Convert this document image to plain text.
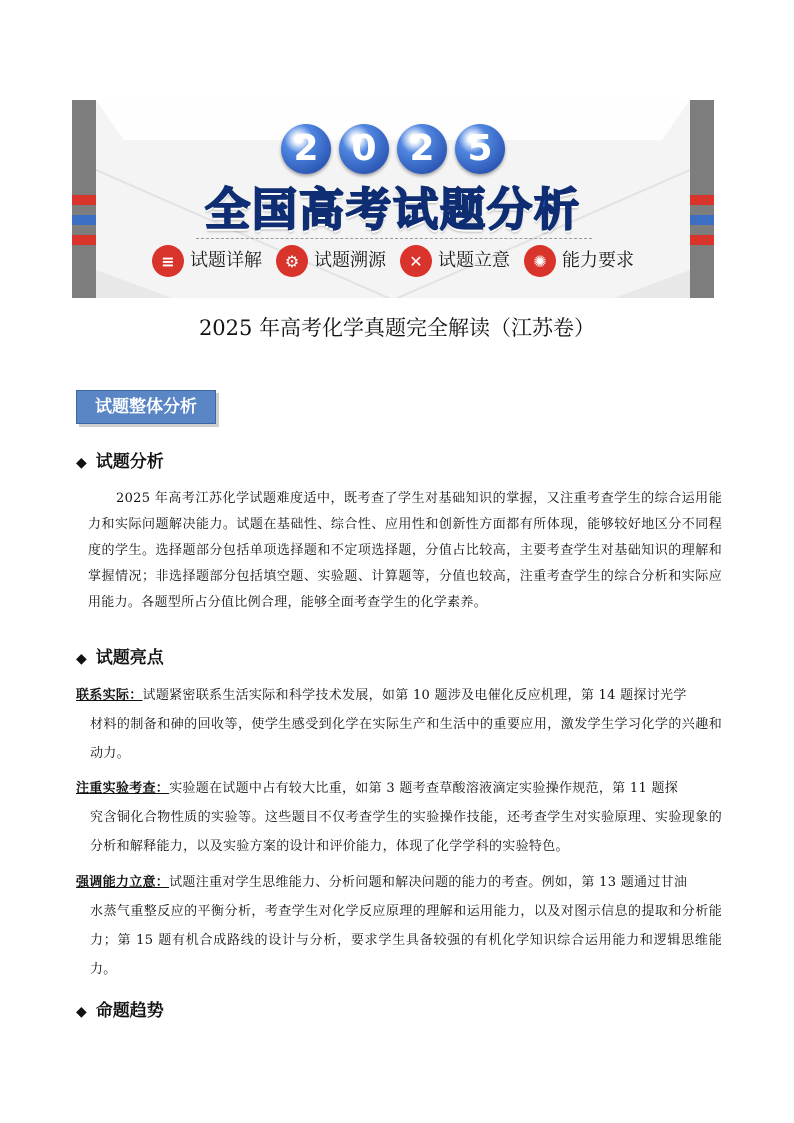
2 0 2 5
全国高考试题分析
≡ 试题详解	⚙ 试题溯源	✕ 试题立意	✺ 能力要求
2025 年高考化学真题完全解读（江苏卷）
试题整体分析
◆ 试题分析
2025 年高考江苏化学试题难度适中，既考查了学生对基础知识的掌握，又注重考查学生的综合运用能力和实际问题解决能力。试题在基础性、综合性、应用性和创新性方面都有所体现，能够较好地区分不同程度的学生。选择题部分包括单项选择题和不定项选择题，分值占比较高，主要考查学生对基础知识的理解和掌握情况；非选择题部分包括填空题、实验题、计算题等，分值也较高，注重考查学生的综合分析和实际应用能力。各题型所占分值比例合理，能够全面考查学生的化学素养。
◆ 试题亮点
联系实际：试题紧密联系生活实际和科学技术发展，如第 10 题涉及电催化反应机理，第 14 题探讨光学
材料的制备和砷的回收等，使学生感受到化学在实际生产和生活中的重要应用，激发学生学习化学的兴趣和动力。
注重实验考查：实验题在试题中占有较大比重，如第 3 题考查草酸溶液滴定实验操作规范，第 11 题探
究含铜化合物性质的实验等。这些题目不仅考查学生的实验操作技能，还考查学生对实验原理、实验现象的分析和解释能力，以及实验方案的设计和评价能力，体现了化学学科的实验特色。
强调能力立意：试题注重对学生思维能力、分析问题和解决问题的能力的考查。例如，第 13 题通过甘油
水蒸气重整反应的平衡分析，考查学生对化学反应原理的理解和运用能力，以及对图示信息的提取和分析能力；第 15 题有机合成路线的设计与分析，要求学生具备较强的有机化学知识综合运用能力和逻辑思维能力。
◆ 命题趋势
